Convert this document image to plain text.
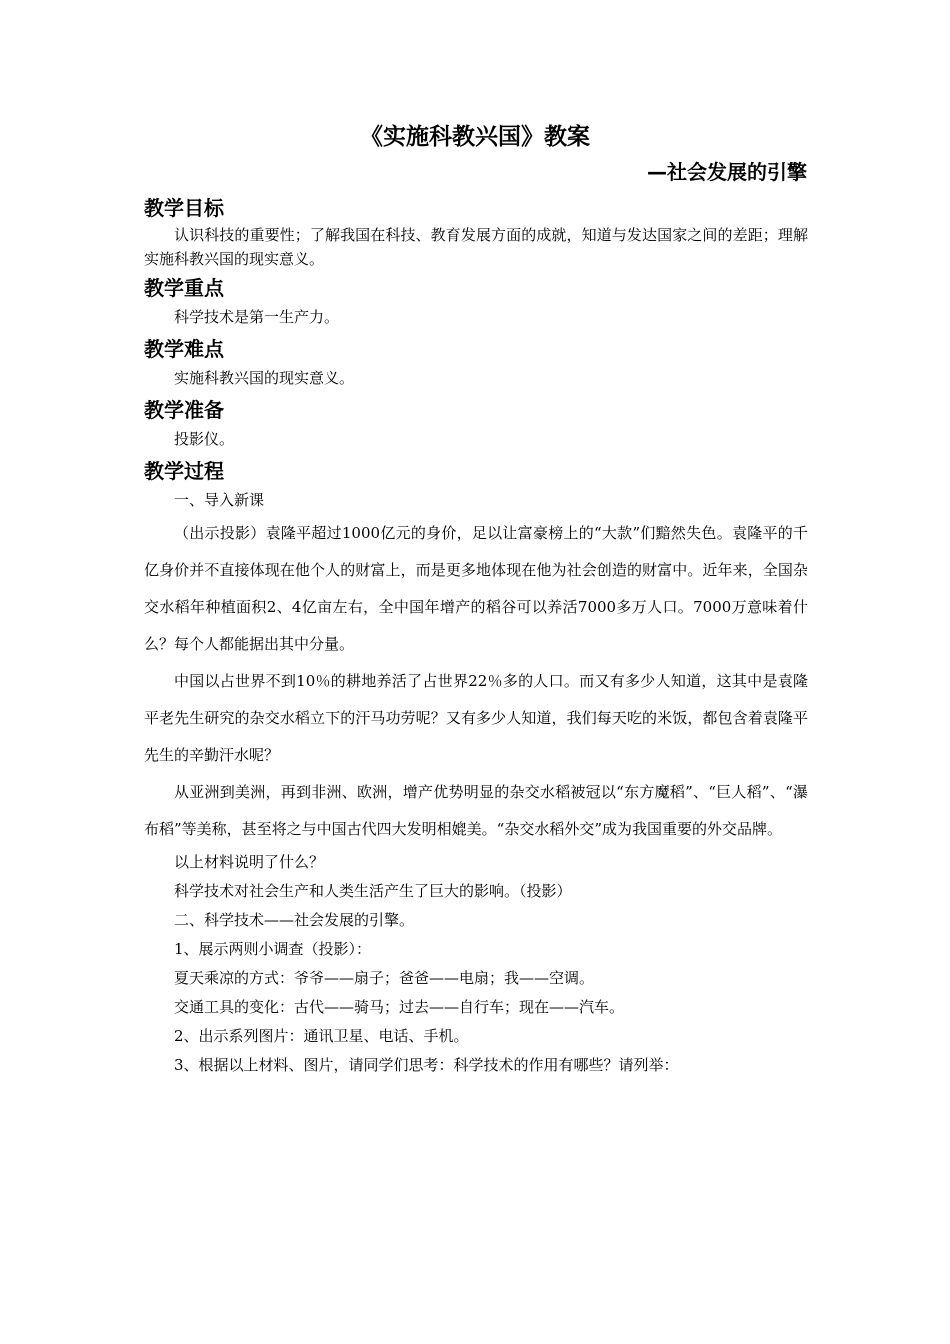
《实施科教兴国》教案
—社会发展的引擎
教学目标

认识科技的重要性；了解我国在科技、教育发展方面的成就，知道与发达国家之间的差距；理解实施科教兴国的现实意义。

教学重点

科学技术是第一生产力。

教学难点

实施科教兴国的现实意义。

教学准备

投影仪。

教学过程

一、导入新课

（出示投影）袁隆平超过1000亿元的身价，足以让富豪榜上的“大款”们黯然失色。袁隆平的千亿身价并不直接体现在他个人的财富上，而是更多地体现在他为社会创造的财富中。近年来，全国杂交水稻年种植面积2、4亿亩左右，全中国年增产的稻谷可以养活7000多万人口。7000万意味着什么？每个人都能据出其中分量。

中国以占世界不到10％的耕地养活了占世界22％多的人口。而又有多少人知道，这其中是袁隆平老先生研究的杂交水稻立下的汗马功劳呢？又有多少人知道，我们每天吃的米饭，都包含着袁隆平先生的辛勤汗水呢？

从亚洲到美洲，再到非洲、欧洲，增产优势明显的杂交水稻被冠以“东方魔稻”、“巨人稻”、“瀑布稻”等美称，甚至将之与中国古代四大发明相媲美。“杂交水稻外交”成为我国重要的外交品牌。

以上材料说明了什么？

科学技术对社会生产和人类生活产生了巨大的影响。（投影）

二、科学技术——社会发展的引擎。

1、展示两则小调查（投影）：

夏天乘凉的方式：爷爷——扇子；爸爸——电扇；我——空调。

交通工具的变化：古代——骑马；过去——自行车；现在——汽车。

2、出示系列图片：通讯卫星、电话、手机。

3、根据以上材料、图片，请同学们思考：科学技术的作用有哪些？请列举：
